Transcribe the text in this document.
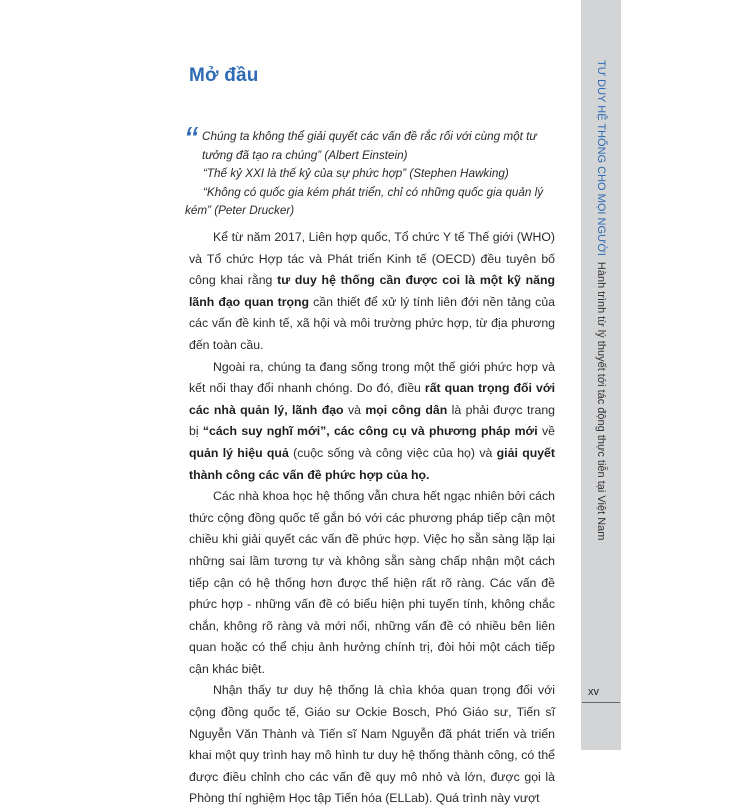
TƯ DUY HỆ THỐNG CHO MỌI NGƯỜIHành trình từ lý thuyết tới tác động thực tiễn tại Việt Nam
xv
Mở đầu
“ Chúng ta không thể giải quyết các vấn đề rắc rối với cùng một tư tưởng đã tạo ra chúng” (Albert Einstein)

“Thế kỷ XXI là thế kỷ của sự phức hợp” (Stephen Hawking)

“Không có quốc gia kém phát triển, chỉ có những quốc gia quản lý kém” (Peter Drucker)

Kể từ năm 2017, Liên hợp quốc, Tổ chức Y tế Thế giới (WHO) và Tổ chức Hợp tác và Phát triển Kinh tế (OECD) đều tuyên bố công khai rằng tư duy hệ thống cần được coi là một kỹ năng lãnh đạo quan trọng cần thiết để xử lý tính liên đới nền tảng của các vấn đề kinh tế, xã hội và môi trường phức hợp, từ địa phương đến toàn cầu.

Ngoài ra, chúng ta đang sống trong một thế giới phức hợp và kết nối thay đổi nhanh chóng. Do đó, điều rất quan trọng đối với các nhà quản lý, lãnh đạo và mọi công dân là phải được trang bị “cách suy nghĩ mới”, các công cụ và phương pháp mới về quản lý hiệu quả (cuộc sống và công việc của họ) và giải quyết thành công các vấn đề phức hợp của họ.

Các nhà khoa học hệ thống vẫn chưa hết ngạc nhiên bởi cách thức cộng đồng quốc tế gắn bó với các phương pháp tiếp cận một chiều khi giải quyết các vấn đề phức hợp. Việc họ sẵn sàng lặp lại những sai lầm tương tự và không sẵn sàng chấp nhận một cách tiếp cận có hệ thống hơn được thể hiện rất rõ ràng. Các vấn đề phức hợp - những vấn đề có biểu hiện phi tuyến tính, không chắc chắn, không rõ ràng và mới nổi, những vấn đề có nhiều bên liên quan hoặc có thể chịu ảnh hưởng chính trị, đòi hỏi một cách tiếp cận khác biệt.

Nhận thấy tư duy hệ thống là chìa khóa quan trọng đối với cộng đồng quốc tế, Giáo sư Ockie Bosch, Phó Giáo sư, Tiến sĩ Nguyễn Văn Thành và Tiến sĩ Nam Nguyễn đã phát triển và triển khai một quy trình hay mô hình tư duy hệ thống thành công, có thể được điều chỉnh cho các vấn đề quy mô nhỏ và lớn, được gọi là Phòng thí nghiệm Học tập Tiến hóa (ELLab). Quá trình này vượt
